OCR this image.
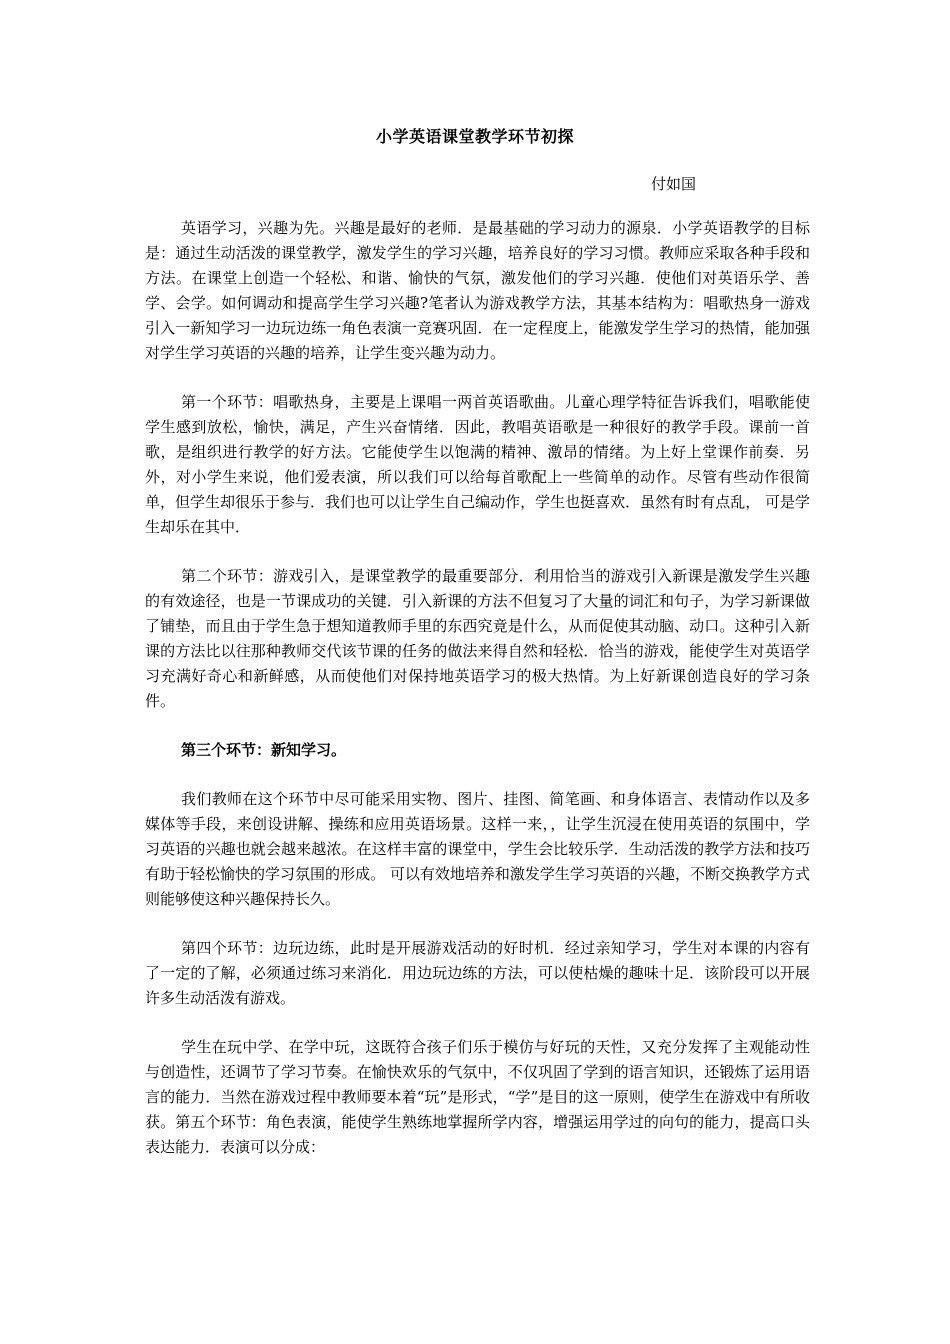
小学英语课堂教学环节初探
付如国

英语学习，兴趣为先。兴趣是最好的老师．是最基础的学习动力的源泉．小学英语教学的目标是：通过生动活泼的课堂教学，激发学生的学习兴趣，培养良好的学习习惯。教师应采取各种手段和方法。在课堂上创造一个轻松、和谐、愉快的气氛，激发他们的学习兴趣．使他们对英语乐学、善学、会学。如何调动和提高学生学习兴趣?笔者认为游戏教学方法，其基本结构为：唱歌热身一游戏引入一新知学习一边玩边练一角色表演一竞赛巩固．在一定程度上，能激发学生学习的热情，能加强对学生学习英语的兴趣的培养，让学生变兴趣为动力。

第一个环节：唱歌热身，主要是上课唱一两首英语歌曲。儿童心理学特征告诉我们，唱歌能使学生感到放松，愉快，满足，产生兴奋情绪．因此，教唱英语歌是一种很好的教学手段。课前一首歌，是组织进行教学的好方法。它能使学生以饱满的精神、激昂的情绪。为上好上堂课作前奏．另外，对小学生来说，他们爱表演，所以我们可以给每首歌配上一些简单的动作。尽管有些动作很简单，但学生却很乐于参与．我们也可以让学生自己编动作，学生也挺喜欢．虽然有时有点乱， 可是学生却乐在其中．

第二个环节：游戏引入，是课堂教学的最重要部分．利用恰当的游戏引入新课是激发学生兴趣的有效途径，也是一节课成功的关键．引入新课的方法不但复习了大量的词汇和句子，为学习新课做了铺垫，而且由于学生急于想知道教师手里的东西究竟是什么，从而促使其动脑、动口。这种引入新课的方法比以往那种教师交代该节课的任务的做法来得自然和轻松．恰当的游戏，能使学生对英语学习充满好奇心和新鲜感，从而使他们对保持地英语学习的极大热情。为上好新课创造良好的学习条件。

第三个环节：新知学习。

我们教师在这个环节中尽可能采用实物、图片、挂图、简笔画、和身体语言、表情动作以及多媒体等手段，来创设讲解、操练和应用英语场景。这样一来，，让学生沉浸在使用英语的氛围中，学习英语的兴趣也就会越来越浓。在这样丰富的课堂中，学生会比较乐学．生动活泼的教学方法和技巧有助于轻松愉快的学习氛围的形成。 可以有效地培养和激发学生学习英语的兴趣，不断交换教学方式则能够使这种兴趣保持长久。

第四个环节：边玩边练，此时是开展游戏活动的好时机．经过亲知学习，学生对本课的内容有了一定的了解，必须通过练习来消化．用边玩边练的方法，可以使枯燥的趣味十足．该阶段可以开展许多生动活泼有游戏。

学生在玩中学、在学中玩，这既符合孩子们乐于模仿与好玩的天性，又充分发挥了主观能动性与创造性，还调节了学习节奏。在愉快欢乐的气氛中，不仅巩固了学到的语言知识，还锻炼了运用语言的能力．当然在游戏过程中教师要本着“玩”是形式，“学”是目的这一原则，使学生在游戏中有所收获。第五个环节：角色表演，能使学生熟练地掌握所学内容，增强运用学过的向句的能力，提高口头表达能力．表演可以分成：
